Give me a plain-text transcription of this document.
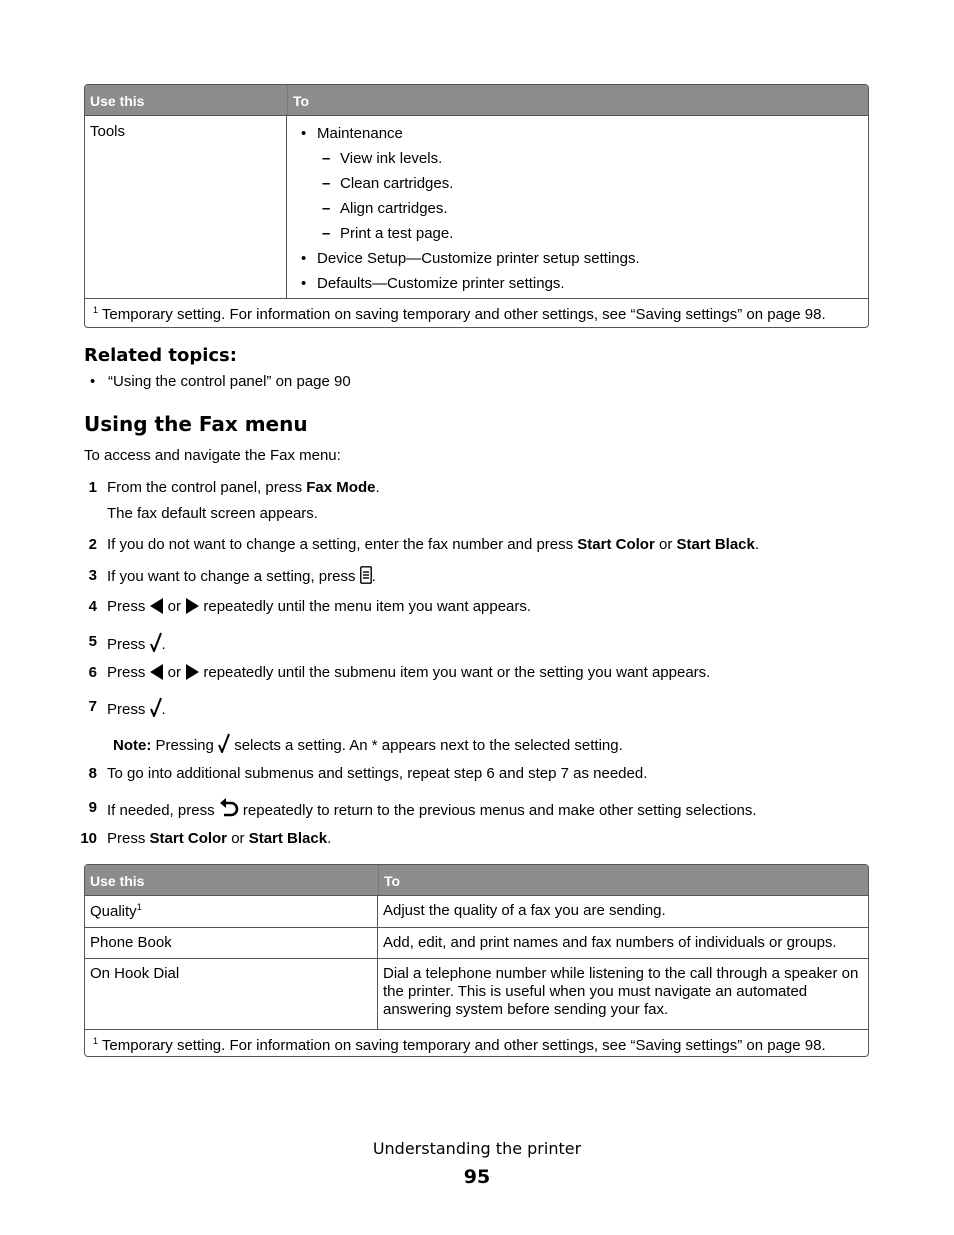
Use this	To
Tools	• Maintenance
– View ink levels.
– Clean cartridges.
– Align cartridges.
– Print a test page.
• Device Setup—Customize printer setup settings.
• Defaults—Customize printer settings.
$^1$ Temporary setting. For information on saving temporary and other settings, see “Saving settings” on page 98.
Related topics:
• “Using the control panel” on page 90
Using the Fax menu
To access and navigate the Fax menu:
1 From the control panel, press Fax Mode.
The fax default screen appears.
2 If you do not want to change a setting, enter the fax number and press Start Color or Start Black.
3 If you want to change a setting, press .
4 Press  or  repeatedly until the menu item you want appears.
5 Press .
6 Press  or  repeatedly until the submenu item you want or the setting you want appears.
7 Press .
Note: Pressing  selects a setting. An * appears next to the selected setting.
8 To go into additional submenus and settings, repeat step 6 and step 7 as needed.
9 If needed, press  repeatedly to return to the previous menus and make other setting selections.
10 Press Start Color or Start Black.
Use this	To
Quality$^1$	Adjust the quality of a fax you are sending.
Phone Book	Add, edit, and print names and fax numbers of individuals or groups.
On Hook Dial	Dial a telephone number while listening to the call through a speaker on the printer. This is useful when you must navigate an automated answering system before sending your fax.
$^1$ Temporary setting. For information on saving temporary and other settings, see “Saving settings” on page 98.
Understanding the printer
95
